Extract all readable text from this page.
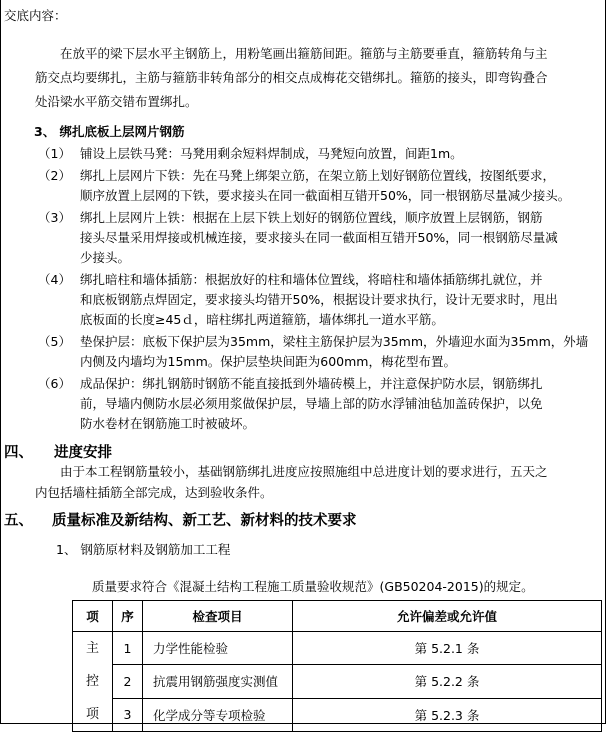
交底内容：
在放平的梁下层水平主钢筋上，用粉笔画出箍筋间距。箍筋与主筋要垂直，箍筋转角与主
筋交点均要绑扎，主筋与箍筋非转角部分的相交点成梅花交错绑扎。箍筋的接头，即弯钩叠合
处沿梁水平筋交错布置绑扎。
3、 绑扎底板上层网片钢筋
（1） 铺设上层铁马凳：马凳用剩余短料焊制成，马凳短向放置，间距1m。
（2） 绑扎上层网片下铁：先在马凳上绑架立筋，在架立筋上划好钢筋位置线，按图纸要求，
顺序放置上层网的下铁，要求接头在同一截面相互错开50%，同一根钢筋尽量减少接头。
（3） 绑扎上层网片上铁：根据在上层下铁上划好的钢筋位置线，顺序放置上层钢筋，钢筋
接头尽量采用焊接或机械连接，要求接头在同一截面相互错开50%，同一根钢筋尽量减
少接头。
（4） 绑扎暗柱和墙体插筋：根据放好的柱和墙体位置线，将暗柱和墙体插筋绑扎就位，并
和底板钢筋点焊固定，要求接头均错开50%，根据设计要求执行，设计无要求时，甩出
底板面的长度≥45ｄ，暗柱绑扎两道箍筋，墙体绑扎一道水平筋。
（5） 垫保护层：底板下保护层为35mm，梁柱主筋保护层为35mm，外墙迎水面为35mm，外墙
内侧及内墙均为15mm。保护层垫块间距为600mm，梅花型布置。
（6） 成品保护：绑扎钢筋时钢筋不能直接抵到外墙砖模上，并注意保护防水层，钢筋绑扎
前，导墙内侧防水层必须用浆做保护层，导墙上部的防水浮铺油毡加盖砖保护，以免
防水卷材在钢筋施工时被破坏。
四、 进度安排
由于本工程钢筋量较小，基础钢筋绑扎进度应按照施组中总进度计划的要求进行，五天之
内包括墙柱插筋全部完成，达到验收条件。
五、 质量标准及新结构、新工艺、新材料的技术要求
1、 钢筋原材料及钢筋加工工程
质量要求符合《混凝土结构工程施工质量验收规范》(GB50204-2015)的规定。
项	序	检查项目	允许偏差或允许值

主
控
项	1	力学性能检验	第 5.2.1 条
	2	抗震用钢筋强度实测值	第 5.2.2 条
	3	化学成分等专项检验	第 5.2.3 条
